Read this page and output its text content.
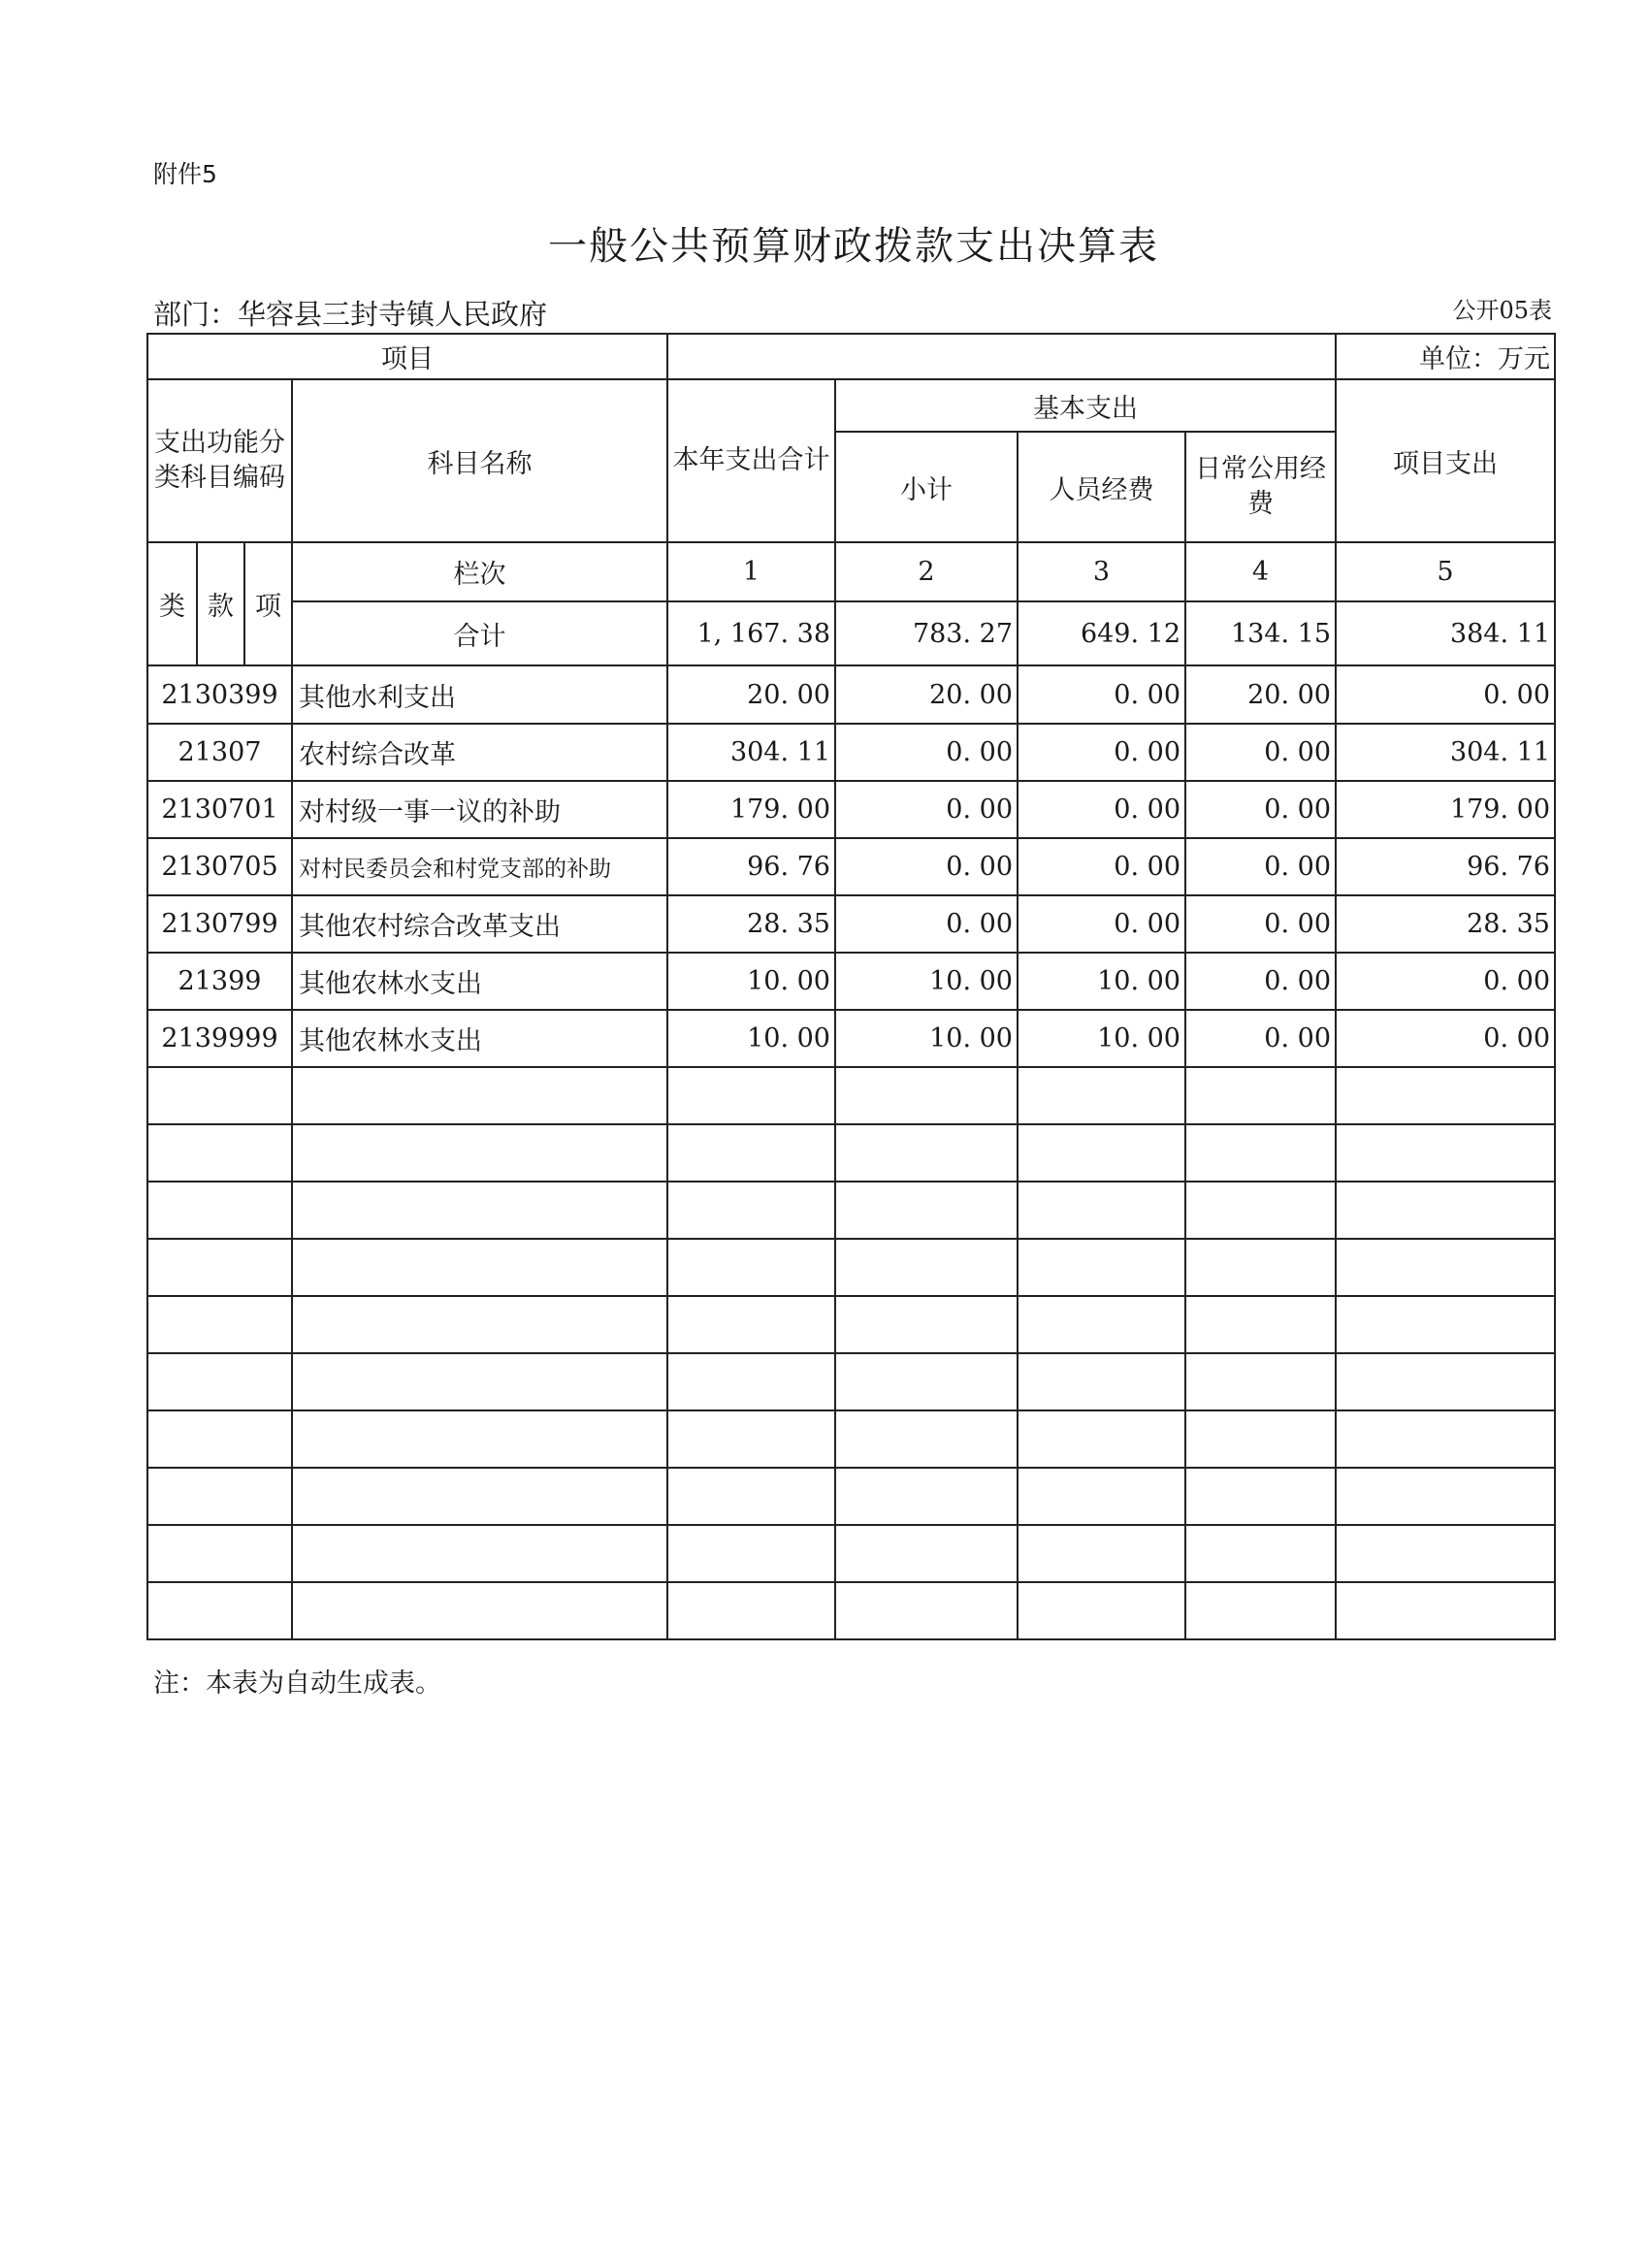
附件5
一般公共预算财政拨款支出决算表
部门：华容县三封寺镇人民政府	公开05表
项目								单位：万元
支出功能分类科目编码			科目名称	本年支出合计	基本支出			项目支出
					小计	人员经费	日常公用经费	
类	款	项	栏次	1	2	3	4	5
			合计	1, 167. 38	783. 27	649. 12	134. 15	384. 11
2130399			其他水利支出	20. 00	20. 00	0. 00	20. 00	0. 00
21307			农村综合改革	304. 11	0. 00	0. 00	0. 00	304. 11
2130701			对村级一事一议的补助	179. 00	0. 00	0. 00	0. 00	179. 00
2130705			对村民委员会和村党支部的补助	96. 76	0. 00	0. 00	0. 00	96. 76
2130799			其他农村综合改革支出	28. 35	0. 00	0. 00	0. 00	28. 35
21399			其他农林水支出	10. 00	10. 00	10. 00	0. 00	0. 00
2139999			其他农林水支出	10. 00	10. 00	10. 00	0. 00	0. 00

注：本表为自动生成表。
